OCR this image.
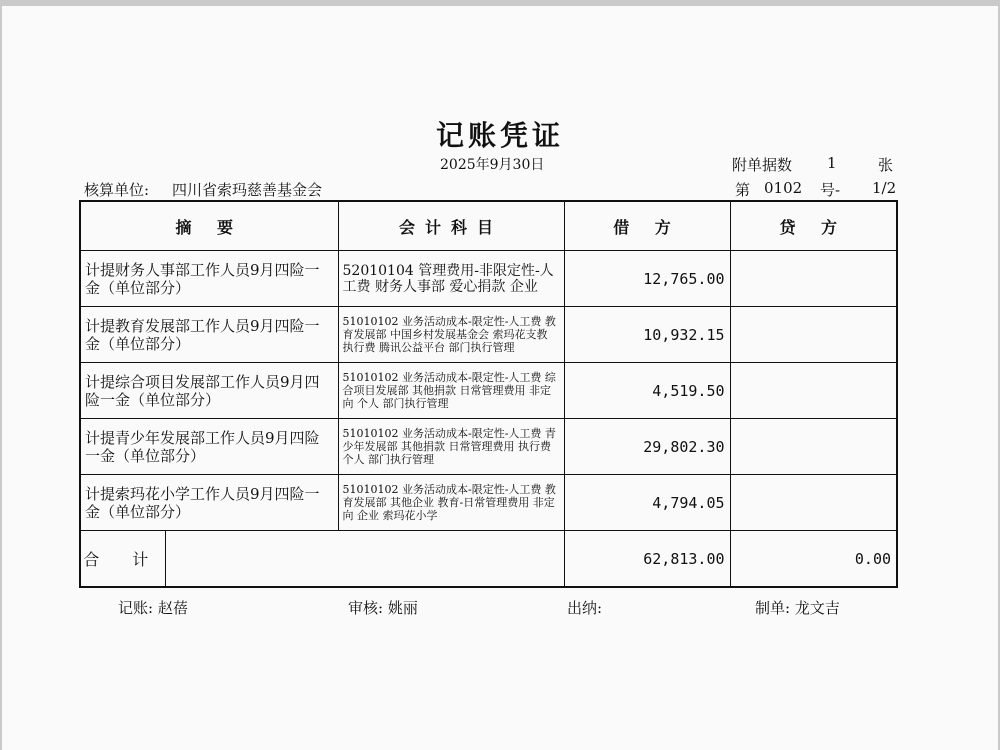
记账凭证
2025年9月30日	附单据数 1	张
核算单位: 四川省索玛慈善基金会	第 0102 号- 1/2
摘 要		会计科目	借 方	贷 方
计提财务人事部工作人员9月四险一金（单位部分）		52010104 管理费用-非限定性-人工费 财务人事部 爱心捐款 企业	12,765.00	
计提教育发展部工作人员9月四险一金（单位部分）		51010102 业务活动成本-限定性-人工费 教育发展部 中国乡村发展基金会 索玛花支教 执行费 腾讯公益平台 部门执行管理	10,932.15	
计提综合项目发展部工作人员9月四险一金（单位部分）		51010102 业务活动成本-限定性-人工费 综合项目发展部 其他捐款 日常管理费用 非定向 个人 部门执行管理	4,519.50	
计提青少年发展部工作人员9月四险一金（单位部分）		51010102 业务活动成本-限定性-人工费 青少年发展部 其他捐款 日常管理费用 执行费 个人 部门执行管理	29,802.30	
计提索玛花小学工作人员9月四险一金（单位部分）		51010102 业务活动成本-限定性-人工费 教育发展部 其他企业 教育-日常管理费用 非定向 企业 索玛花小学	4,794.05	
合 计			62,813.00	0.00
记账: 赵蓓	审核: 姚丽	出纳:	制单: 龙文吉
